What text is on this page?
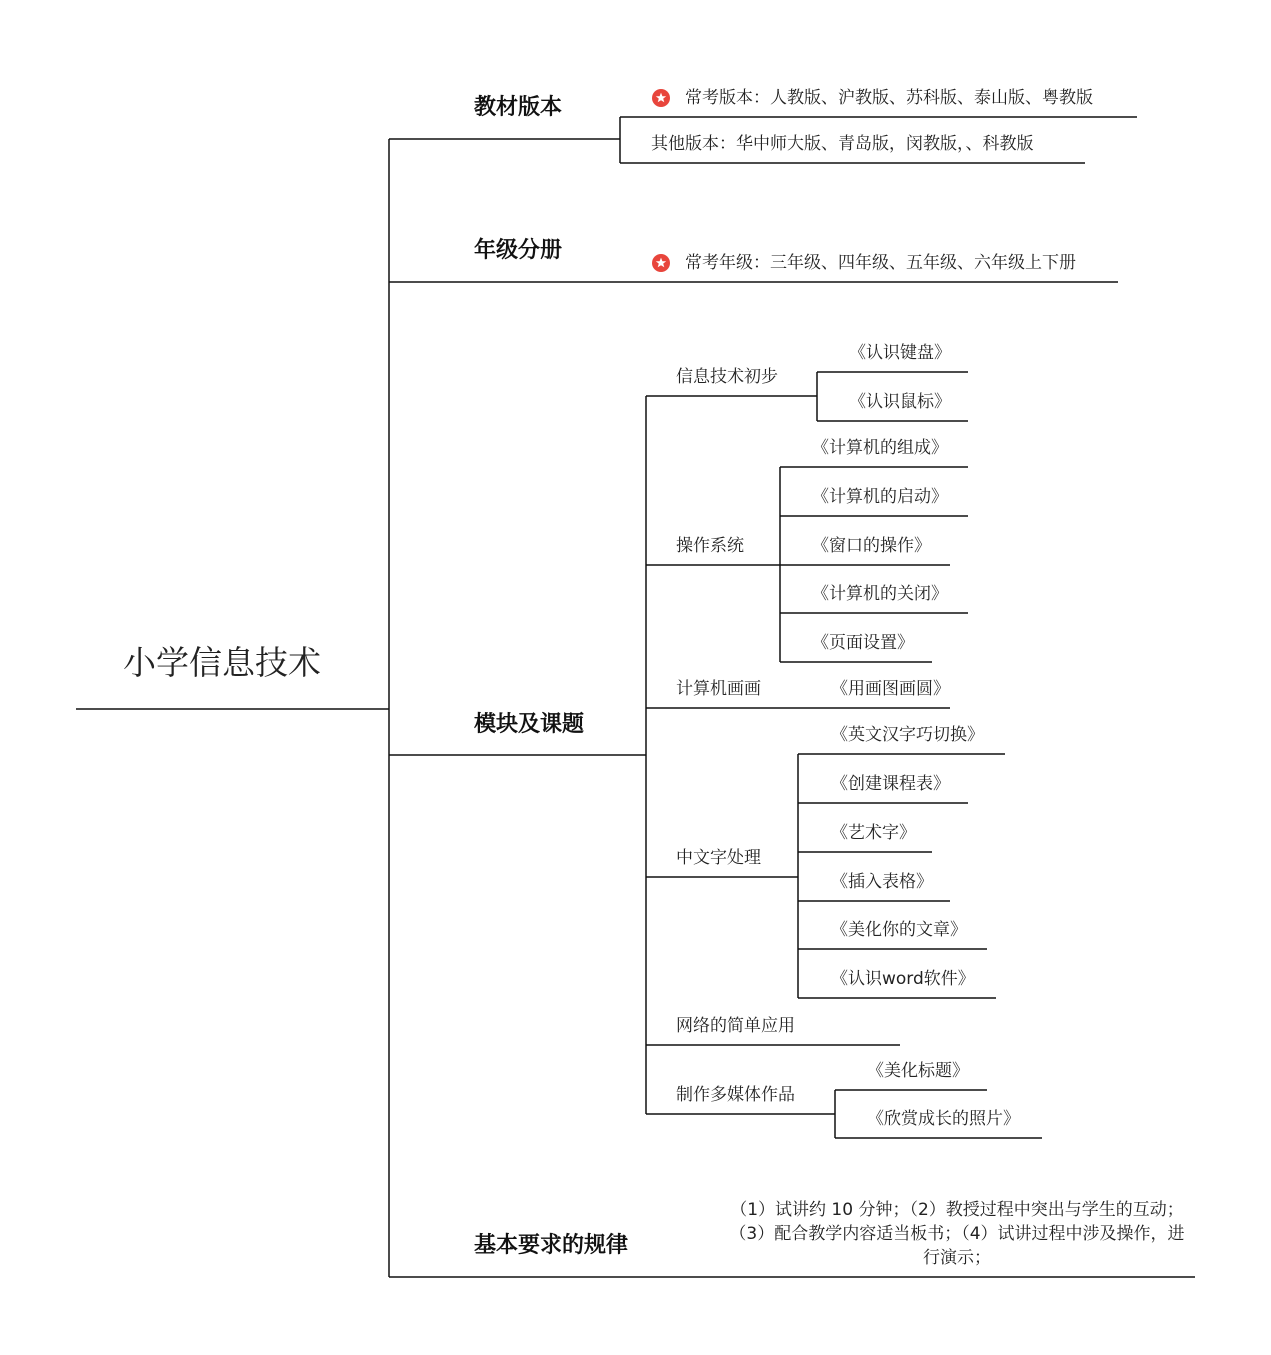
小学信息技术
教材版本
年级分册
模块及课题
基本要求的规律
常考版本：人教版、沪教版、苏科版、泰山版、粤教版
其他版本：华中师大版、青岛版，闵教版，、科教版
常考年级：三年级、四年级、五年级、六年级上下册
信息技术初步
操作系统
计算机画画
中文字处理
网络的简单应用
制作多媒体作品
《认识键盘》
《认识鼠标》
《计算机的组成》
《计算机的启动》
《窗口的操作》
《计算机的关闭》
《页面设置》
《用画图画圆》
《英文汉字巧切换》
《创建课程表》
《艺术字》
《插入表格》
《美化你的文章》
《认识word软件》
《美化标题》
《欣赏成长的照片》
（1）试讲约 10 分钟；（2）教授过程中突出与学生的互动；（3）配合教学内容适当板书；（4）试讲过程中涉及操作，进行演示；
